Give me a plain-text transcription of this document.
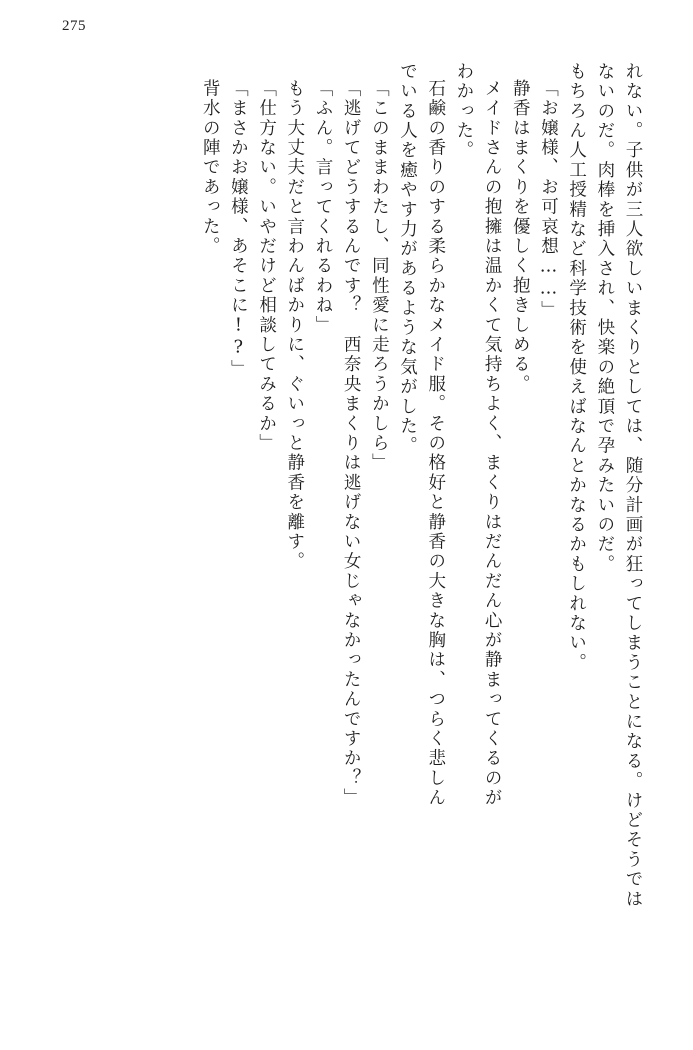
275
れない。子供が三人欲しいまくりとしては、随分計画が狂ってしまうことになる。けどそうでは
ないのだ。肉棒を挿入され、快楽の絶頂で孕みたいのだ。
もちろん人工授精など科学技術を使えばなんとかなるかもしれない。
「お嬢様、お可哀想……」
静香はまくりを優しく抱きしめる。
メイドさんの抱擁は温かくて気持ちよく、まくりはだんだん心が静まってくるのが
わかった。
石鹸の香りのする柔らかなメイド服。その格好と静香の大きな胸は、つらく悲しん
でいる人を癒やす力があるような気がした。
「このままわたし、同性愛に走ろうかしら」
「逃げてどうするんです？　西奈央まくりは逃げない女じゃなかったんですか？」
「ふん。言ってくれるわね」
もう大丈夫だと言わんばかりに、ぐいっと静香を離す。
「仕方ない。いやだけど相談してみるか」
「まさかお嬢様、あそこに!?」
背水の陣であった。
